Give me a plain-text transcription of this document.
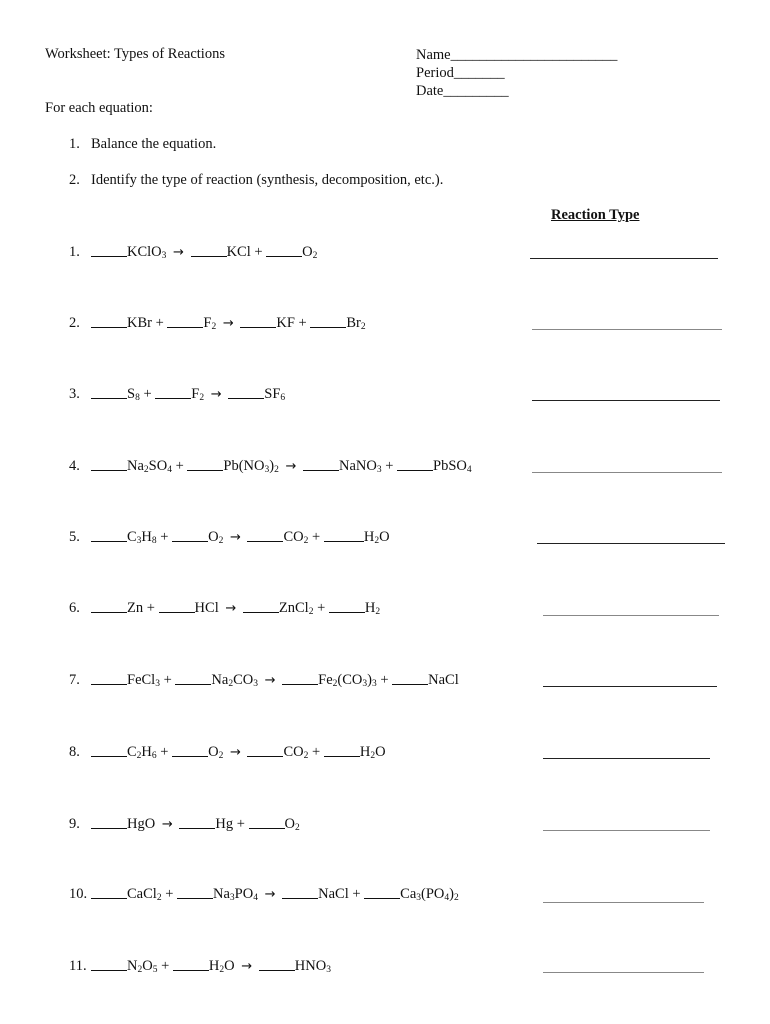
Worksheet: Types of Reactions	Name_______________________
Period_______
Date_________
For each equation:
1. Balance the equation.
2. Identify the type of reaction (synthesis, decomposition, etc.).
Reaction Type
1.	KClO$_3$ →	KCl + $O_2$
2.	KBr + $F_2$ →	KF + $Br_2$
3.	$S_8 + F_2$ →	$SF_6$
4.	$Na_2SO_4 + Pb(NO_3)_2$ →	NaNO$_3$ + PbSO$_4$
5.	$C_3H_8 + O_2$ →	$CO_2$ +	$H_2O$
6.	Zn + HCl →	ZnCl$_2$ + $H_2$
7.	FeCl$_3$ + $Na_2CO_3$ →	$Fe_2(CO_3)_3$ + NaCl
8.	$C_2H_6 + O_2$ →	$CO_2 + H_2O$
9.	HgO →	$Hg + O_2$
10.	CaCl$_2$ + $Na_3PO_4$ →	NaCl + $Ca_3(PO_4)_2$
11.	$N_2O_5 + H_2O$ →	$HNO_3$
